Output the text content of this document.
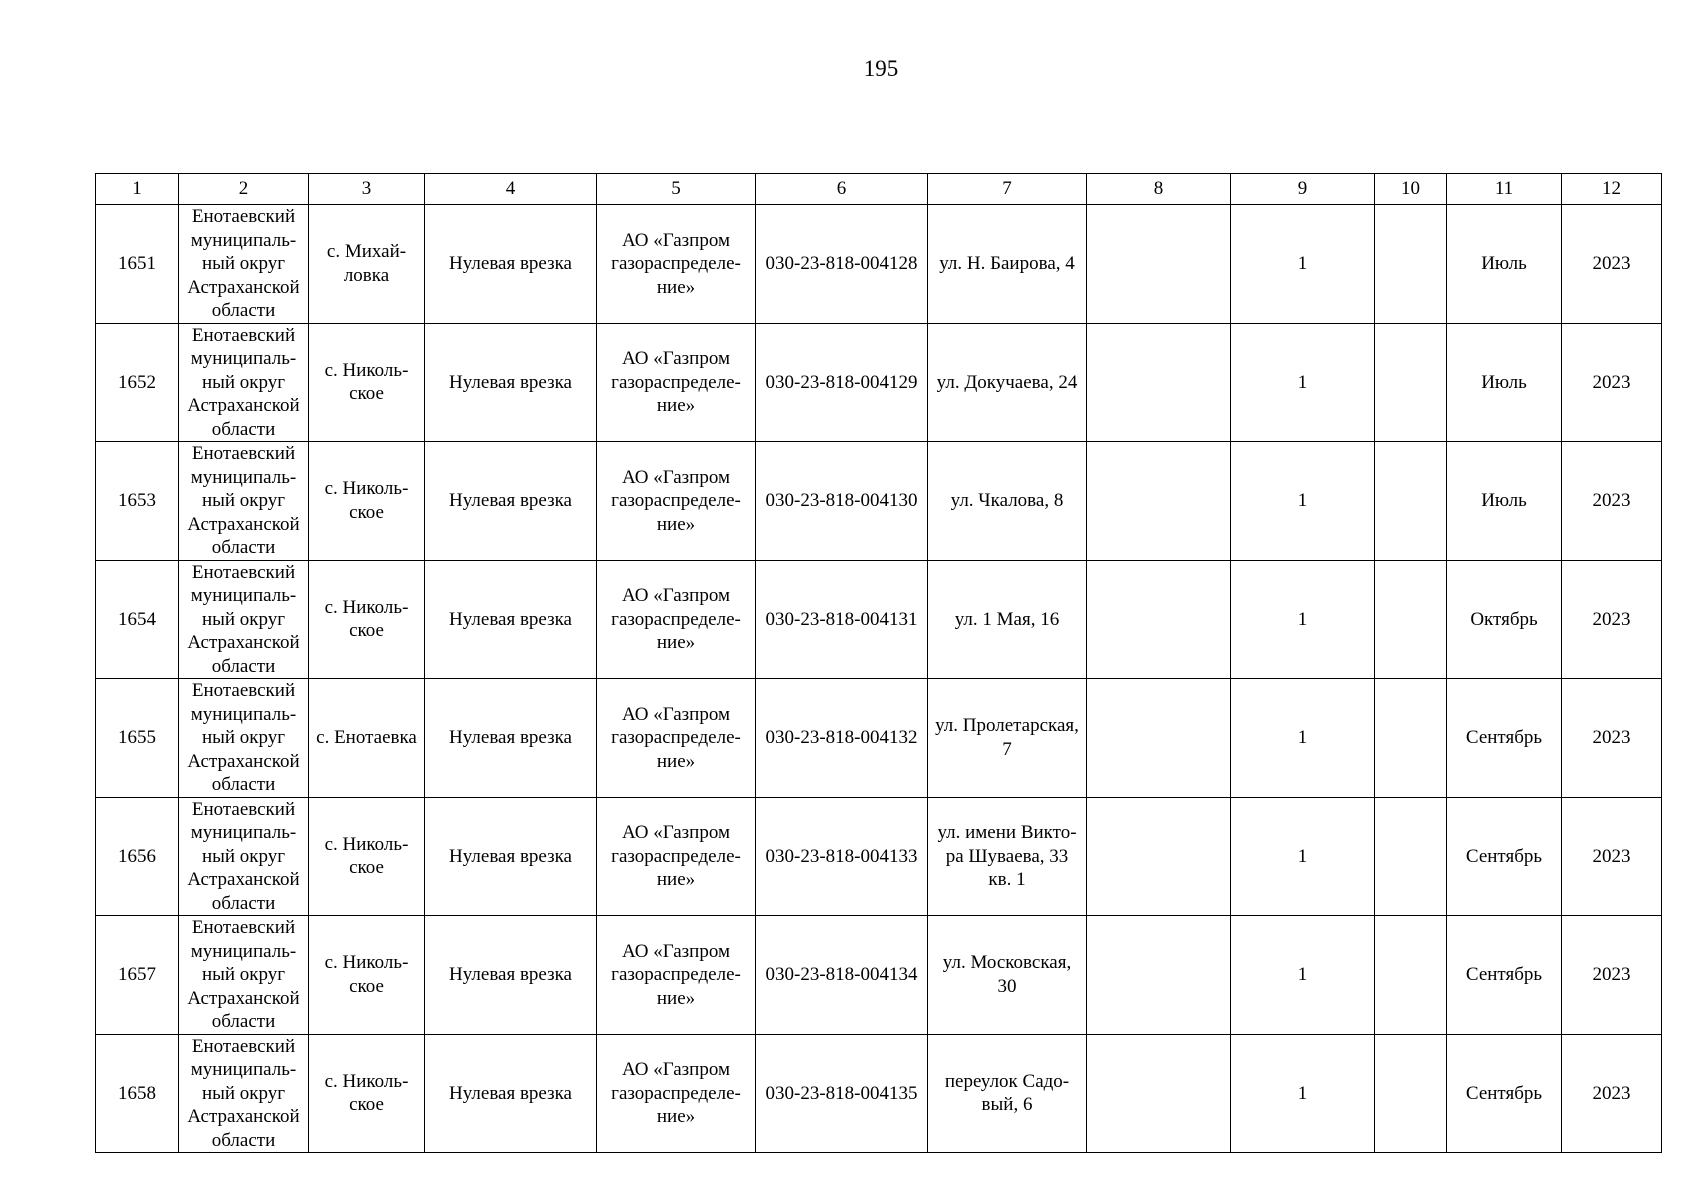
195
1	2	3	4	5	6	7	8	9	10	11	12

1651	Енотаевский
муниципаль-
ный округ
Астраханской
области	с. Михай-
ловка	Нулевая врезка	АО «Газпром
газораспределе-
ние»	030-23-818-004128	ул. Н. Баирова, 4		1		Июль	2023

1652	Енотаевский
муниципаль-
ный округ
Астраханской
области	с. Николь-
ское	Нулевая врезка	АО «Газпром
газораспределе-
ние»	030-23-818-004129	ул. Докучаева, 24		1		Июль	2023

1653	Енотаевский
муниципаль-
ный округ
Астраханской
области	с. Николь-
ское	Нулевая врезка	АО «Газпром
газораспределе-
ние»	030-23-818-004130	ул. Чкалова, 8		1		Июль	2023

1654	Енотаевский
муниципаль-
ный округ
Астраханской
области	с. Николь-
ское	Нулевая врезка	АО «Газпром
газораспределе-
ние»	030-23-818-004131	ул. 1 Мая, 16		1		Октябрь	2023

1655	Енотаевский
муниципаль-
ный округ
Астраханской
области	с. Енотаевка	Нулевая врезка	АО «Газпром
газораспределе-
ние»	030-23-818-004132	ул. Пролетарская,
7		1		Сентябрь	2023

1656	Енотаевский
муниципаль-
ный округ
Астраханской
области	с. Николь-
ское	Нулевая врезка	АО «Газпром
газораспределе-
ние»	030-23-818-004133	ул. имени Викто-
ра Шуваева, 33
кв. 1		1		Сентябрь	2023

1657	Енотаевский
муниципаль-
ный округ
Астраханской
области	с. Николь-
ское	Нулевая врезка	АО «Газпром
газораспределе-
ние»	030-23-818-004134	ул. Московская,
30		1		Сентябрь	2023

1658	Енотаевский
муниципаль-
ный округ
Астраханской
области	с. Николь-
ское	Нулевая врезка	АО «Газпром
газораспределе-
ние»	030-23-818-004135	переулок Садо-
вый, 6		1		Сентябрь	2023
